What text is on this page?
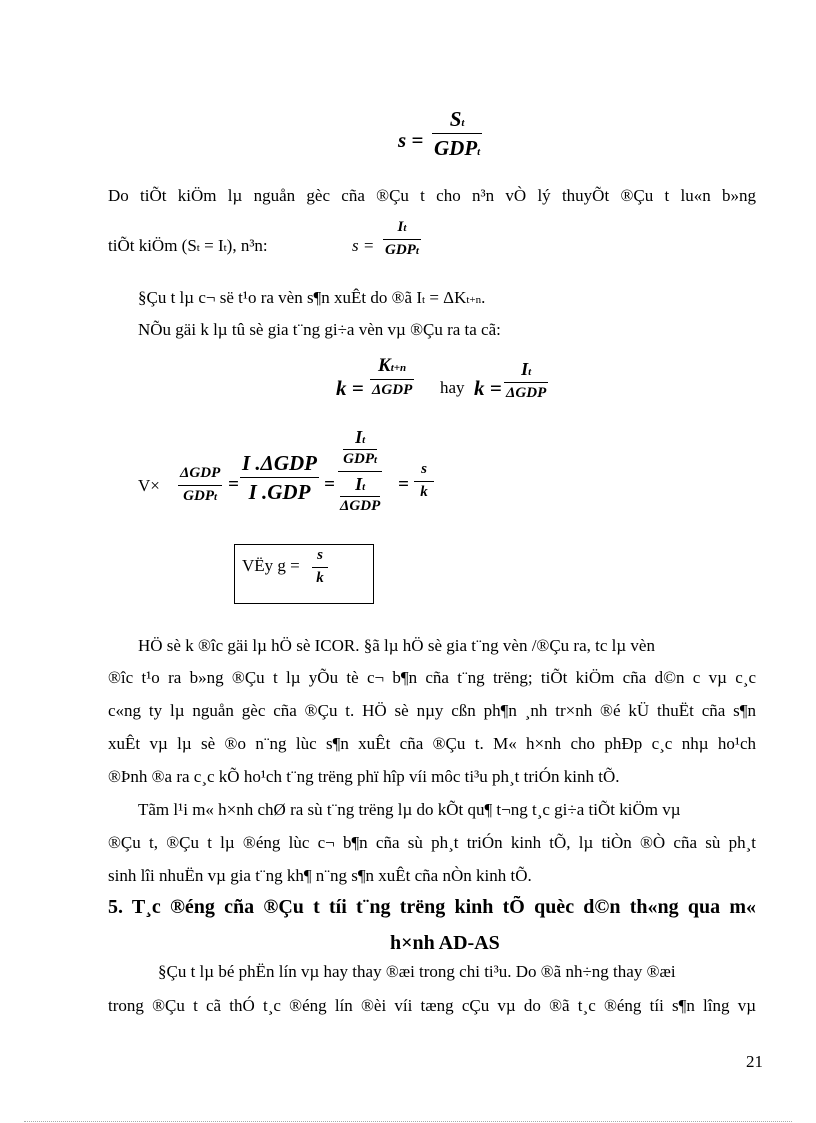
s =
St
GDPt
Do tiÕt kiÖm lµ nguån gèc cña ®Çu t cho n³n vÒ lý thuyÕt ®Çu t lu«n b»ng
tiÕt kiÖm (St = It), n³n:	s =
It
GDPt
§Çu t lµ c¬ së t¹o ra vèn s¶n xuÊt do ®ã It = ΔKt+n.
NÕu gäi k lµ tû sè gia t¨ng gi÷a vèn vµ ®Çu ra ta cã:
k =
Kt+n
ΔGDP hay k =
It
ΔGDP
V×
ΔGDP
GDPt
=
I .ΔGDP
I .GDP =
It
GDPt
It
ΔGDP
=
s
k
VËy g =
s
k
HÖ sè k ®îc gäi lµ hÖ sè ICOR. §ã lµ hÖ sè gia t¨ng vèn /®Çu ra, tc lµ vèn
®îc t¹o ra b»ng ®Çu t lµ yÕu tè c¬ b¶n cña t¨ng trëng; tiÕt kiÖm cña d©n c vµ c¸c
c«ng ty lµ nguån gèc cña ®Çu t. HÖ sè nµy cßn ph¶n ¸nh tr×nh ®é kÜ thuËt cña s¶n
xuÊt vµ lµ sè ®o n¨ng lùc s¶n xuÊt cña ®Çu t. M« h×nh cho phÐp c¸c nhµ ho¹ch
®Þnh ®a ra c¸c kÕ ho¹ch t¨ng trëng phï hîp víi môc ti³u ph¸t triÓn kinh tÕ.
Tãm l¹i m« h×nh chØ ra sù t¨ng trëng lµ do kÕt qu¶ t¬ng t¸c gi÷a tiÕt kiÖm vµ
®Çu t, ®Çu t lµ ®éng lùc c¬ b¶n cña sù ph¸t triÓn kinh tÕ, lµ tiÒn ®Ò cña sù ph¸t
sinh lîi nhuËn vµ gia t¨ng kh¶ n¨ng s¶n xuÊt cña nÒn kinh tÕ.
5. T¸c ®éng cña ®Çu t tíi t¨ng trëng kinh tÕ quèc d©n th«ng qua m«
h×nh AD-AS
§Çu t lµ bé phËn lín vµ hay thay ®æi trong chi ti³u. Do ®ã nh÷ng thay ®æi
trong ®Çu t cã thÓ t¸c ®éng lín ®èi víi tæng cÇu vµ do ®ã t¸c ®éng tíi s¶n lîng vµ
21
